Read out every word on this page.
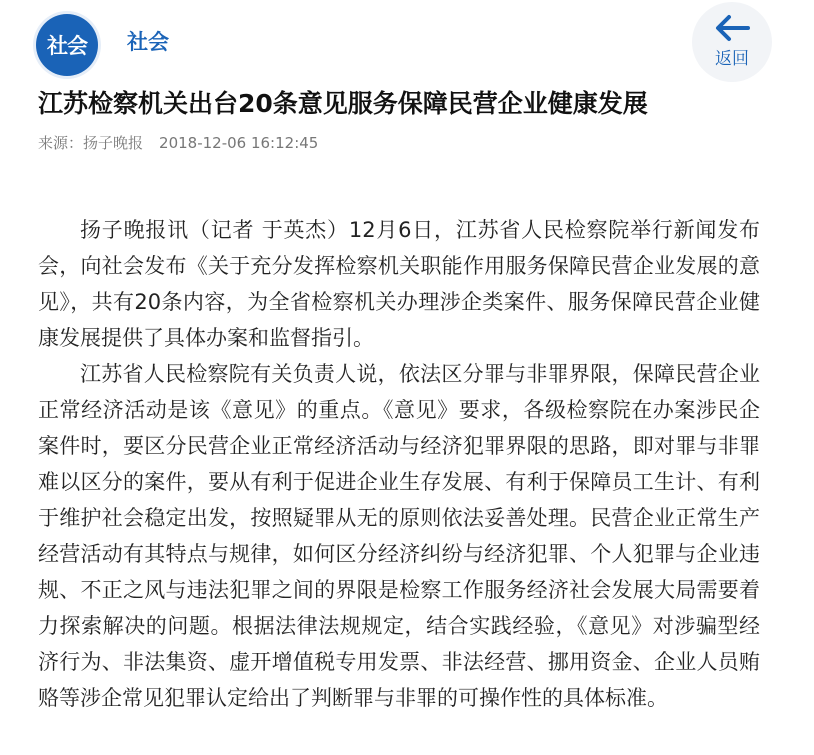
社会	社会
返回
江苏检察机关出台20条意见服务保障民营企业健康发展
来源：扬子晚报 2018-12-06 16:12:45

扬子晚报讯（记者 于英杰）12月6日，江苏省人民检察院举行新闻发布会，向社会发布《关于充分发挥检察机关职能作用服务保障民营企业发展的意见》，共有20条内容，为全省检察机关办理涉企类案件、服务保障民营企业健康发展提供了具体办案和监督指引。

江苏省人民检察院有关负责人说，依法区分罪与非罪界限，保障民营企业正常经济活动是该《意见》的重点。《意见》要求，各级检察院在办案涉民企案件时，要区分民营企业正常经济活动与经济犯罪界限的思路，即对罪与非罪难以区分的案件，要从有利于促进企业生存发展、有利于保障员工生计、有利于维护社会稳定出发，按照疑罪从无的原则依法妥善处理。民营企业正常生产经营活动有其特点与规律，如何区分经济纠纷与经济犯罪、个人犯罪与企业违规、不正之风与违法犯罪之间的界限是检察工作服务经济社会发展大局需要着力探索解决的问题。根据法律法规规定，结合实践经验，《意见》对涉骗型经济行为、非法集资、虚开增值税专用发票、非法经营、挪用资金、企业人员贿赂等涉企常见犯罪认定给出了判断罪与非罪的可操作性的具体标准。
